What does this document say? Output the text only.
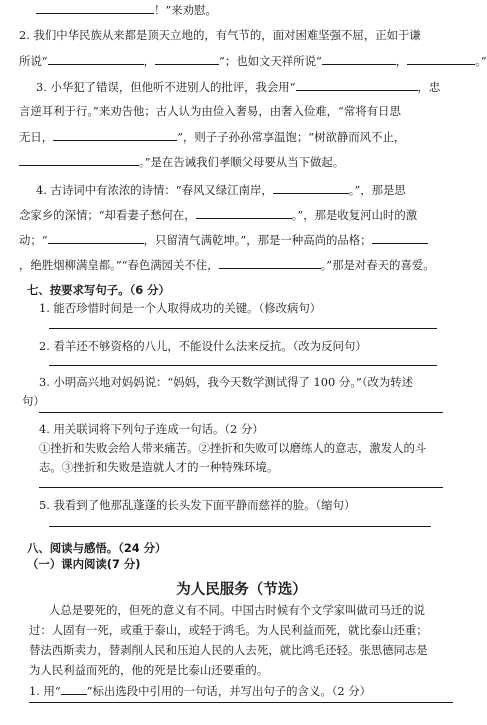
！”来劝慰。
2. 我们中华民族从来都是顶天立地的，有气节的，面对困难坚强不屈，正如于谦
所说“	，	”；也如文天祥所说“	，	。”
3. 小华犯了错误，但他听不进别人的批评，我会用“	，忠
言逆耳利于行。”来劝告他；古人认为由俭入奢易，由奢入俭难，“常将有日思
无日，	”，则子子孙孙常享温饱；“树欲静而风不止，
。”是在告诫我们孝顺父母要从当下做起。
4. 古诗词中有浓浓的诗情：“春风又绿江南岸，	。”，那是思
念家乡的深情；“却看妻子愁何在，	。”，那是收复河山时的激
动；“	，只留清气满乾坤。”，那是一种高尚的品格；
，绝胜烟柳满皇都。”“春色满园关不住，	。”那是对春天的喜爱。
七、按要求写句子。（6 分）
1. 能否珍惜时间是一个人取得成功的关键。（修改病句）
2. 看羊还不够资格的八儿，不能设什么法来反抗。（改为反问句）
3. 小明高兴地对妈妈说：“妈妈，我今天数学测试得了 100 分。”（改为转述
句）
4. 用关联词将下列句子连成一句话。（2 分）
①挫折和失败会给人带来痛苦。②挫折和失败可以磨练人的意志，激发人的斗
志。③挫折和失败是造就人才的一种特殊环境。
5. 我看到了他那乱蓬蓬的长头发下面平静而慈祥的脸。（缩句）
八、阅读与感悟。（24 分）
（一）课内阅读(7 分)
为人民服务（节选）
人总是要死的，但死的意义有不同。中国古时候有个文学家叫做司马迁的说
过：人固有一死，或重于泰山，或轻于鸿毛。为人民利益而死，就比泰山还重；
替法西斯卖力，替剥削人民和压迫人民的人去死，就比鸿毛还轻。张思德同志是
为人民利益而死的，他的死是比泰山还要重的。
1. 用“ ”标出选段中引用的一句话，并写出句子的含义。（2 分）
